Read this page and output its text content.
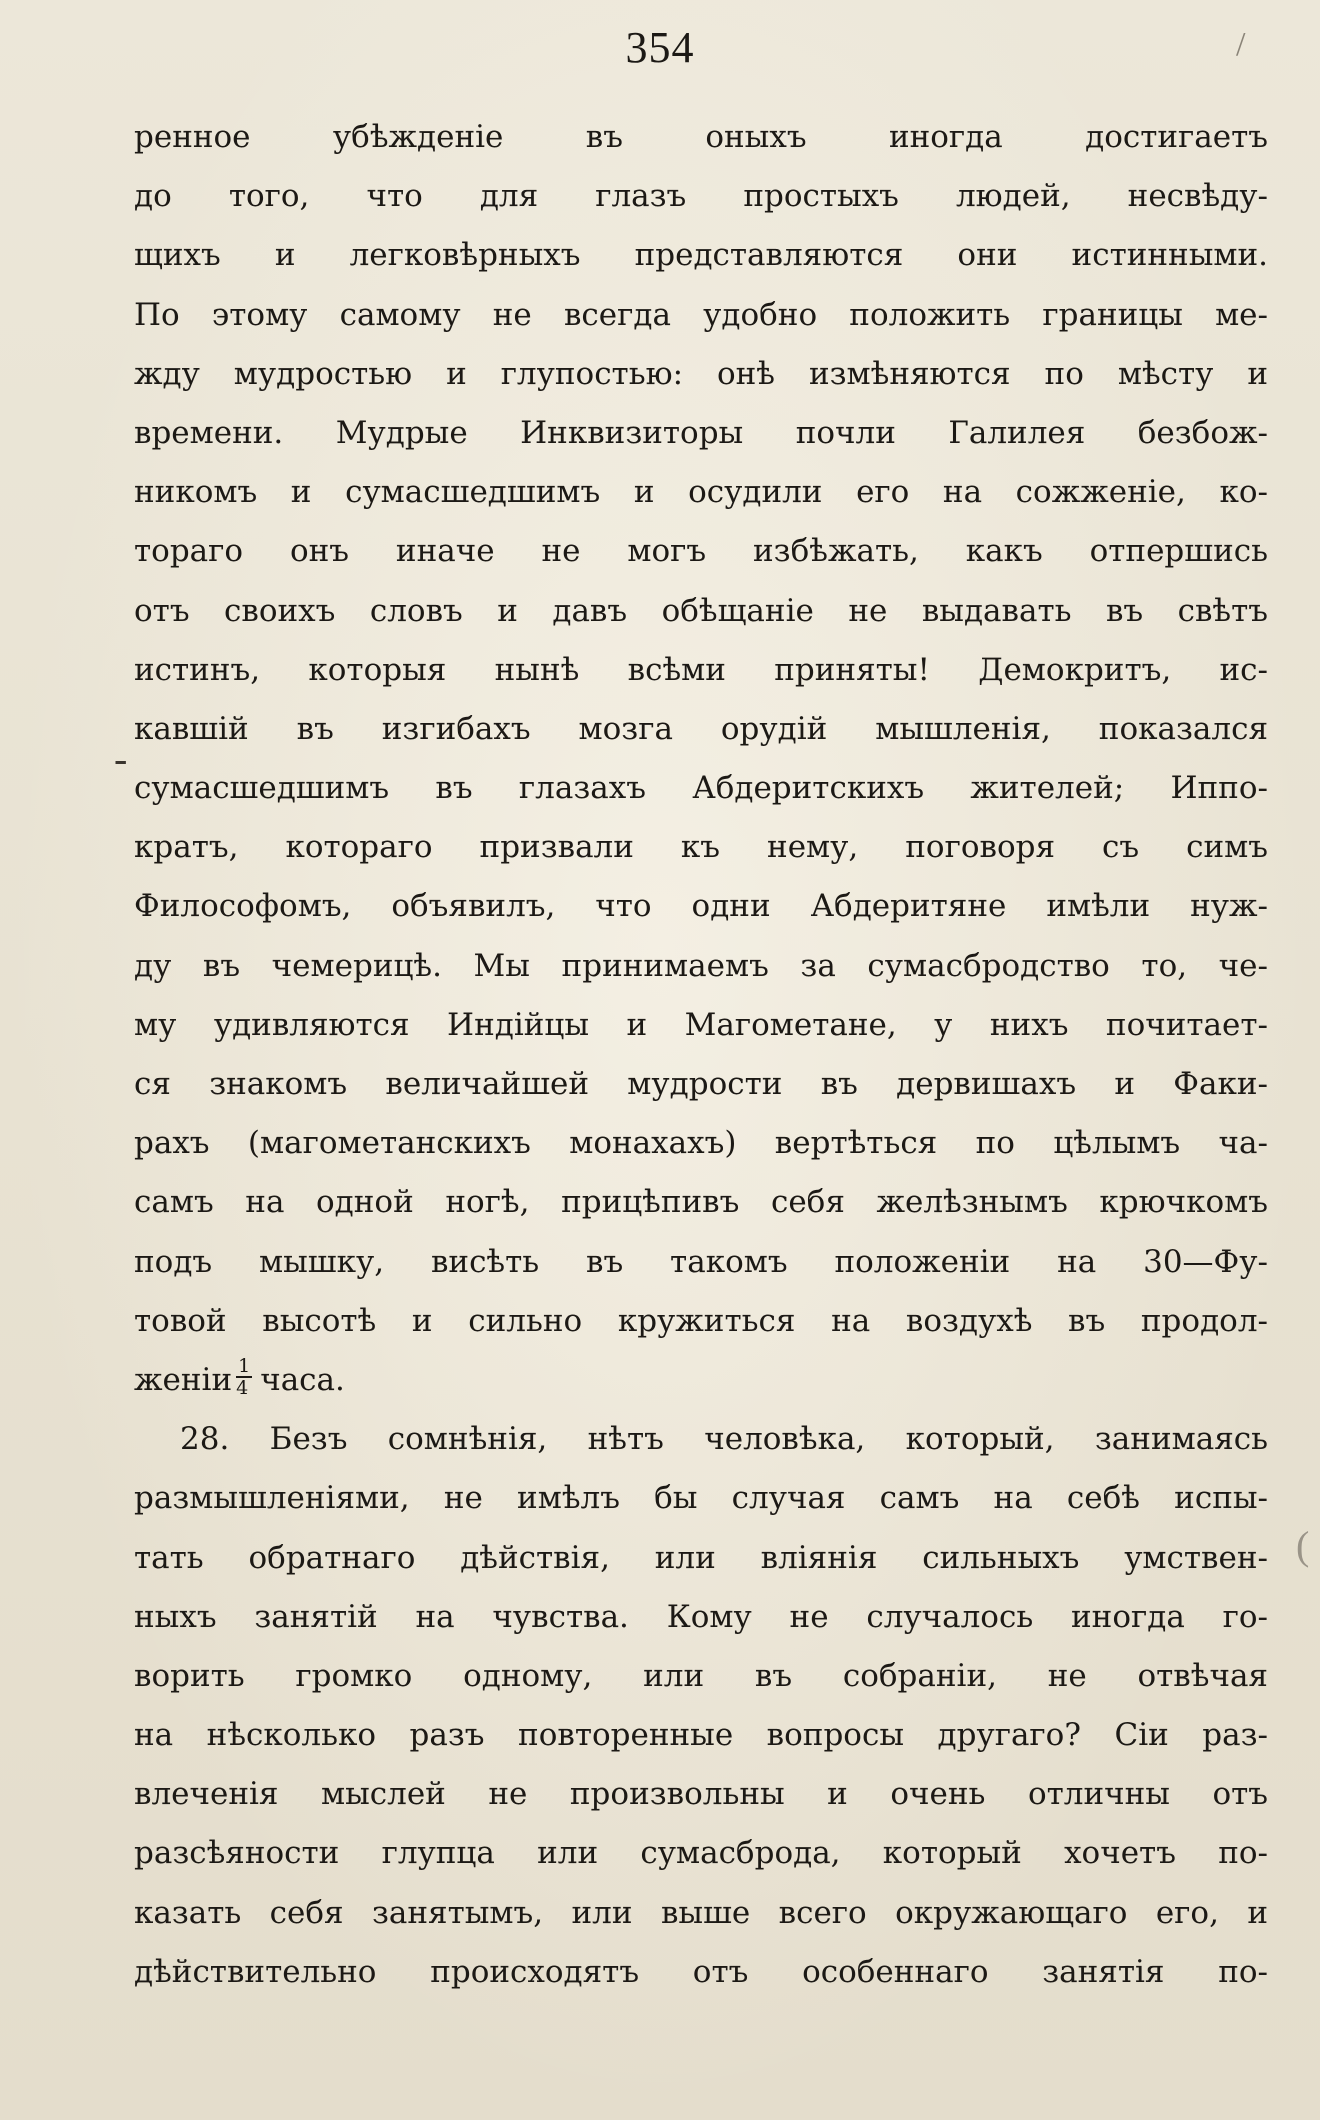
354	/
-
(
ренное убѣжденіе въ оныхъ иногда достигаетъ
до того, что для глазъ простыхъ людей, несвѣду-
щихъ и легковѣрныхъ представляются они истинными.
По этому самому не всегда удобно положить границы ме-
жду мудростью и глупостью: онѣ измѣняются по мѣсту и
времени. Мудрые Инквизиторы почли Галилея безбож-
никомъ и сумасшедшимъ и осудили его на сожженіе, ко-
тораго онъ иначе не могъ избѣжать, какъ отпершись
отъ своихъ словъ и давъ обѣщаніе не выдавать въ свѣтъ
истинъ, которыя нынѣ всѣми приняты! Демокритъ, ис-
кавшій въ изгибахъ мозга орудій мышленія, показался
сумасшедшимъ въ глазахъ Абдеритскихъ жителей; Иппо-
кратъ, котораго призвали къ нему, поговоря съ симъ
Философомъ, объявилъ, что одни Абдеритяне имѣли нуж-
ду въ чемерицѣ. Мы принимаемъ за сумасбродство то, че-
му удивляются Индійцы и Магометане, у нихъ почитает-
ся знакомъ величайшей мудрости въ дервишахъ и Факи-
рахъ (магометанскихъ монахахъ) вертѣться по цѣлымъ ча-
самъ на одной ногѣ, прицѣпивъ себя желѣзнымъ крючкомъ
подъ мышку, висѣть въ такомъ положеніи на 30—Фу-
товой высотѣ и сильно кружиться на воздухѣ въ продол-
женіи $\frac{1}{4}$ часа.
28. Безъ сомнѣнія, нѣтъ человѣка, который, занимаясь
размышленіями, не имѣлъ бы случая самъ на себѣ испы-
тать обратнаго дѣйствія, или вліянія сильныхъ умствен-
ныхъ занятій на чувства. Кому не случалось иногда го-
ворить громко одному, или въ собраніи, не отвѣчая
на нѣсколько разъ повторенные вопросы другаго? Сіи раз-
влеченія мыслей не произвольны и очень отличны отъ
разсѣяности глупца или сумасброда, который хочетъ по-
казать себя занятымъ, или выше всего окружающаго его, и
дѣйствительно происходятъ отъ особеннаго занятія по-
